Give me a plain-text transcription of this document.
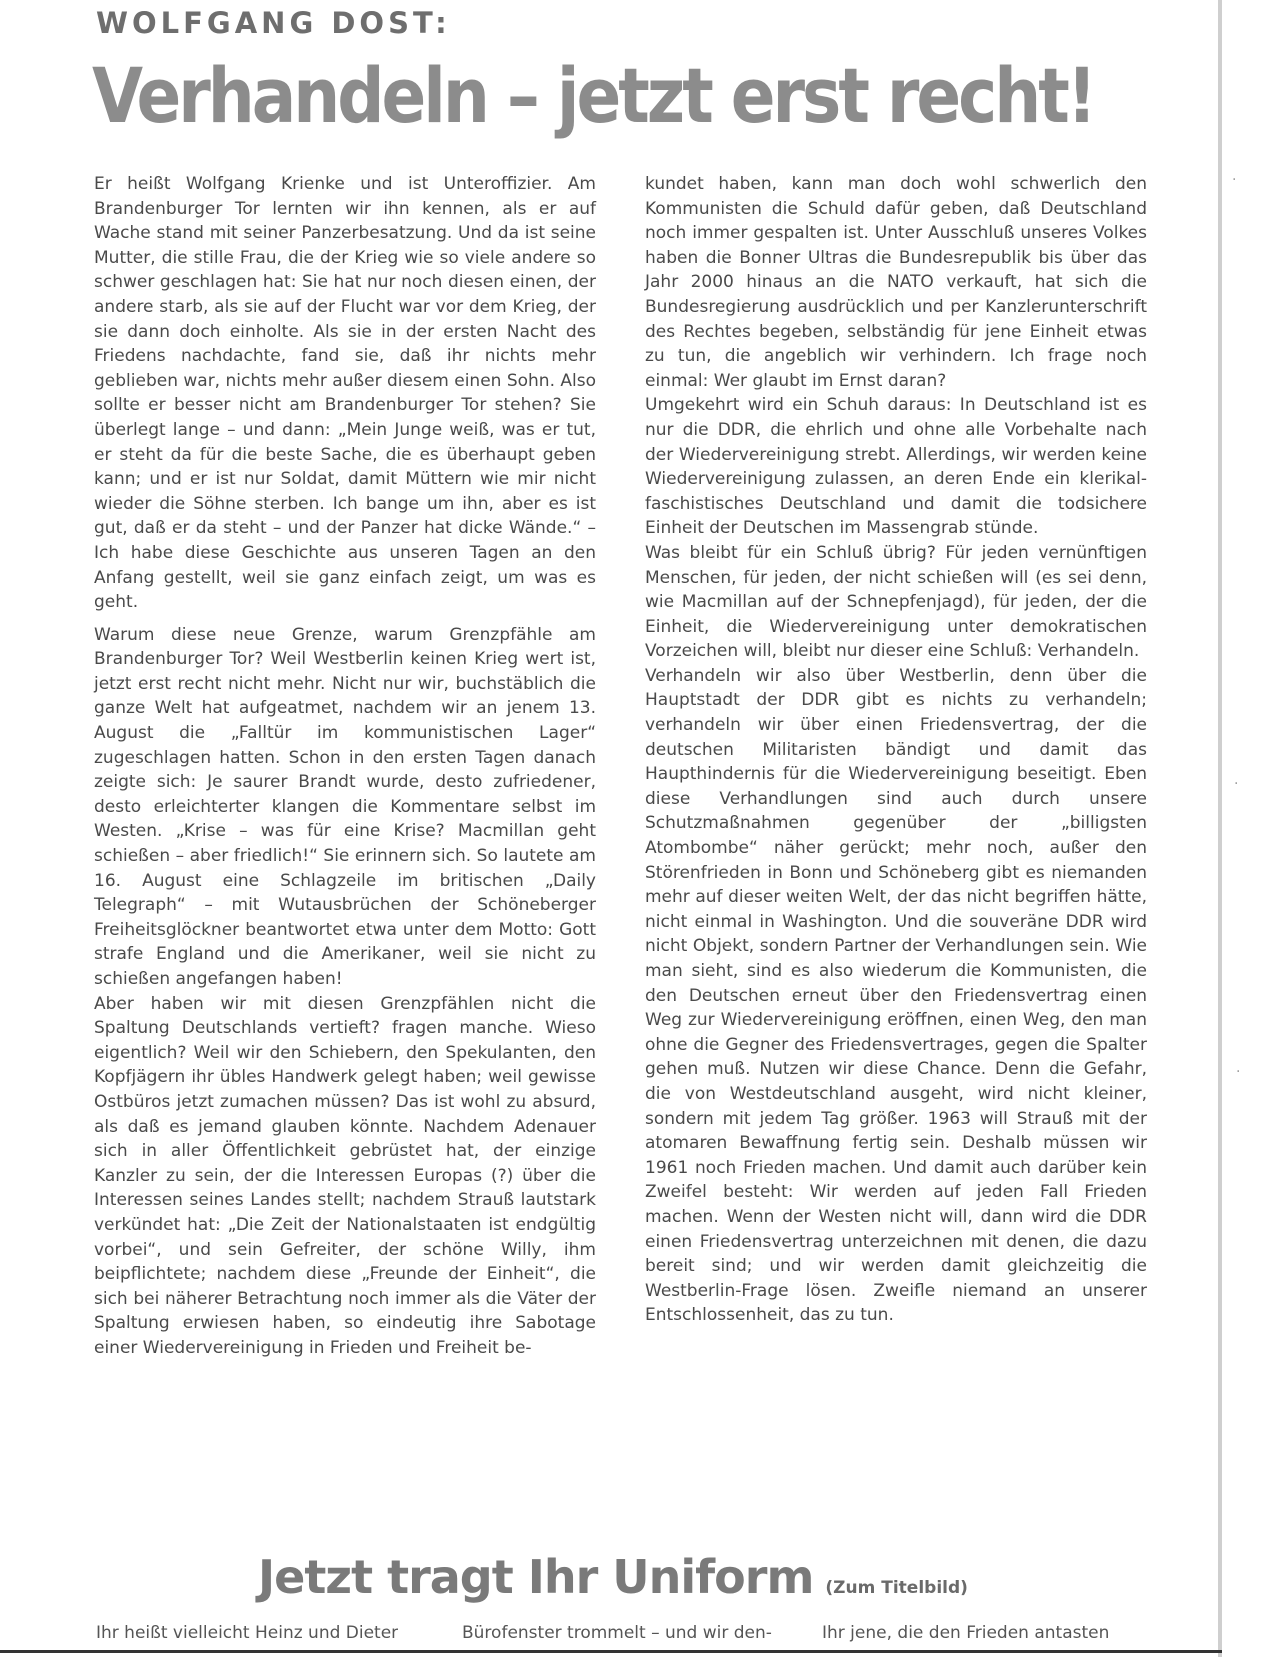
WOLFGANG DOST:
Verhandeln – jetzt erst recht!

Er heißt Wolfgang Krienke und ist Unteroffizier. Am Brandenburger Tor lernten wir ihn kennen, als er auf Wache stand mit seiner Panzerbesatzung. Und da ist seine Mutter, die stille Frau, die der Krieg wie so viele andere so schwer geschlagen hat: Sie hat nur noch diesen einen, der andere starb, als sie auf der Flucht war vor dem Krieg, der sie dann doch einholte. Als sie in der ersten Nacht des Friedens nachdachte, fand sie, daß ihr nichts mehr geblieben war, nichts mehr außer diesem einen Sohn. Also sollte er besser nicht am Brandenburger Tor stehen? Sie überlegt lange – und dann: „Mein Junge weiß, was er tut, er steht da für die beste Sache, die es überhaupt geben kann; und er ist nur Soldat, damit Müttern wie mir nicht wieder die Söhne sterben. Ich bange um ihn, aber es ist gut, daß er da steht – und der Panzer hat dicke Wände.“ – Ich habe diese Geschichte aus unseren Tagen an den Anfang gestellt, weil sie ganz einfach zeigt, um was es geht.

Warum diese neue Grenze, warum Grenzpfähle am Brandenburger Tor? Weil Westberlin keinen Krieg wert ist, jetzt erst recht nicht mehr. Nicht nur wir, buchstäblich die ganze Welt hat aufgeatmet, nachdem wir an jenem 13. August die „Falltür im kommunistischen Lager“ zugeschlagen hatten. Schon in den ersten Tagen danach zeigte sich: Je saurer Brandt wurde, desto zufriedener, desto erleichterter klangen die Kommentare selbst im Westen. „Krise – was für eine Krise? Macmillan geht schießen – aber friedlich!“ Sie erinnern sich. So lautete am 16. August eine Schlagzeile im britischen „Daily Telegraph“ – mit Wutausbrüchen der Schöneberger Freiheitsglöckner beantwortet etwa unter dem Motto: Gott strafe England und die Amerikaner, weil sie nicht zu schießen angefangen haben!

Aber haben wir mit diesen Grenzpfählen nicht die Spaltung Deutschlands vertieft? fragen manche. Wieso eigentlich? Weil wir den Schiebern, den Spekulanten, den Kopfjägern ihr übles Handwerk gelegt haben; weil gewisse Ostbüros jetzt zumachen müssen? Das ist wohl zu absurd, als daß es jemand glauben könnte. Nachdem Adenauer sich in aller Öffentlichkeit gebrüstet hat, der einzige Kanzler zu sein, der die Interessen Europas (?) über die Interessen seines Landes stellt; nachdem Strauß lautstark verkündet hat: „Die Zeit der Nationalstaaten ist endgültig vorbei“, und sein Gefreiter, der schöne Willy, ihm beipflichtete; nachdem diese „Freunde der Einheit“, die sich bei näherer Betrachtung noch immer als die Väter der Spaltung erwiesen haben, so eindeutig ihre Sabotage einer Wiedervereinigung in Frieden und Freiheit be-

kundet haben, kann man doch wohl schwerlich den Kommunisten die Schuld dafür geben, daß Deutschland noch immer gespalten ist. Unter Ausschluß unseres Volkes haben die Bonner Ultras die Bundesrepublik bis über das Jahr 2000 hinaus an die NATO verkauft, hat sich die Bundesregierung ausdrücklich und per Kanzlerunterschrift des Rechtes begeben, selbständig für jene Einheit etwas zu tun, die angeblich wir verhindern. Ich frage noch einmal: Wer glaubt im Ernst daran?

Umgekehrt wird ein Schuh daraus: In Deutschland ist es nur die DDR, die ehrlich und ohne alle Vorbehalte nach der Wiedervereinigung strebt. Allerdings, wir werden keine Wiedervereinigung zulassen, an deren Ende ein klerikal-faschistisches Deutschland und damit die todsichere Einheit der Deutschen im Massengrab stünde.

Was bleibt für ein Schluß übrig? Für jeden vernünftigen Menschen, für jeden, der nicht schießen will (es sei denn, wie Macmillan auf der Schnepfenjagd), für jeden, der die Einheit, die Wiedervereinigung unter demokratischen Vorzeichen will, bleibt nur dieser eine Schluß: Verhandeln.

Verhandeln wir also über Westberlin, denn über die Hauptstadt der DDR gibt es nichts zu verhandeln; verhandeln wir über einen Friedensvertrag, der die deutschen Militaristen bändigt und damit das Haupthindernis für die Wiedervereinigung beseitigt. Eben diese Verhandlungen sind auch durch unsere Schutzmaßnahmen gegenüber der „billigsten Atombombe“ näher gerückt; mehr noch, außer den Störenfrieden in Bonn und Schöneberg gibt es niemanden mehr auf dieser weiten Welt, der das nicht begriffen hätte, nicht einmal in Washington. Und die souveräne DDR wird nicht Objekt, sondern Partner der Verhandlungen sein. Wie man sieht, sind es also wiederum die Kommunisten, die den Deutschen erneut über den Friedensvertrag einen Weg zur Wiedervereinigung eröffnen, einen Weg, den man ohne die Gegner des Friedensvertrages, gegen die Spalter gehen muß. Nutzen wir diese Chance. Denn die Gefahr, die von Westdeutschland ausgeht, wird nicht kleiner, sondern mit jedem Tag größer. 1963 will Strauß mit der atomaren Bewaffnung fertig sein. Deshalb müssen wir 1961 noch Frieden machen. Und damit auch darüber kein Zweifel besteht: Wir werden auf jeden Fall Frieden machen. Wenn der Westen nicht will, dann wird die DDR einen Friedensvertrag unterzeichnen mit denen, die dazu bereit sind; und wir werden damit gleichzeitig die Westberlin-Frage lösen. Zweifle niemand an unserer Entschlossenheit, das zu tun.

Jetzt tragt Ihr Uniform (Zum Titelbild)
Ihr heißt vielleicht Heinz und Dieter	Bürofenster trommelt – und wir den-	Ihr jene, die den Frieden antasten
·
·
·
